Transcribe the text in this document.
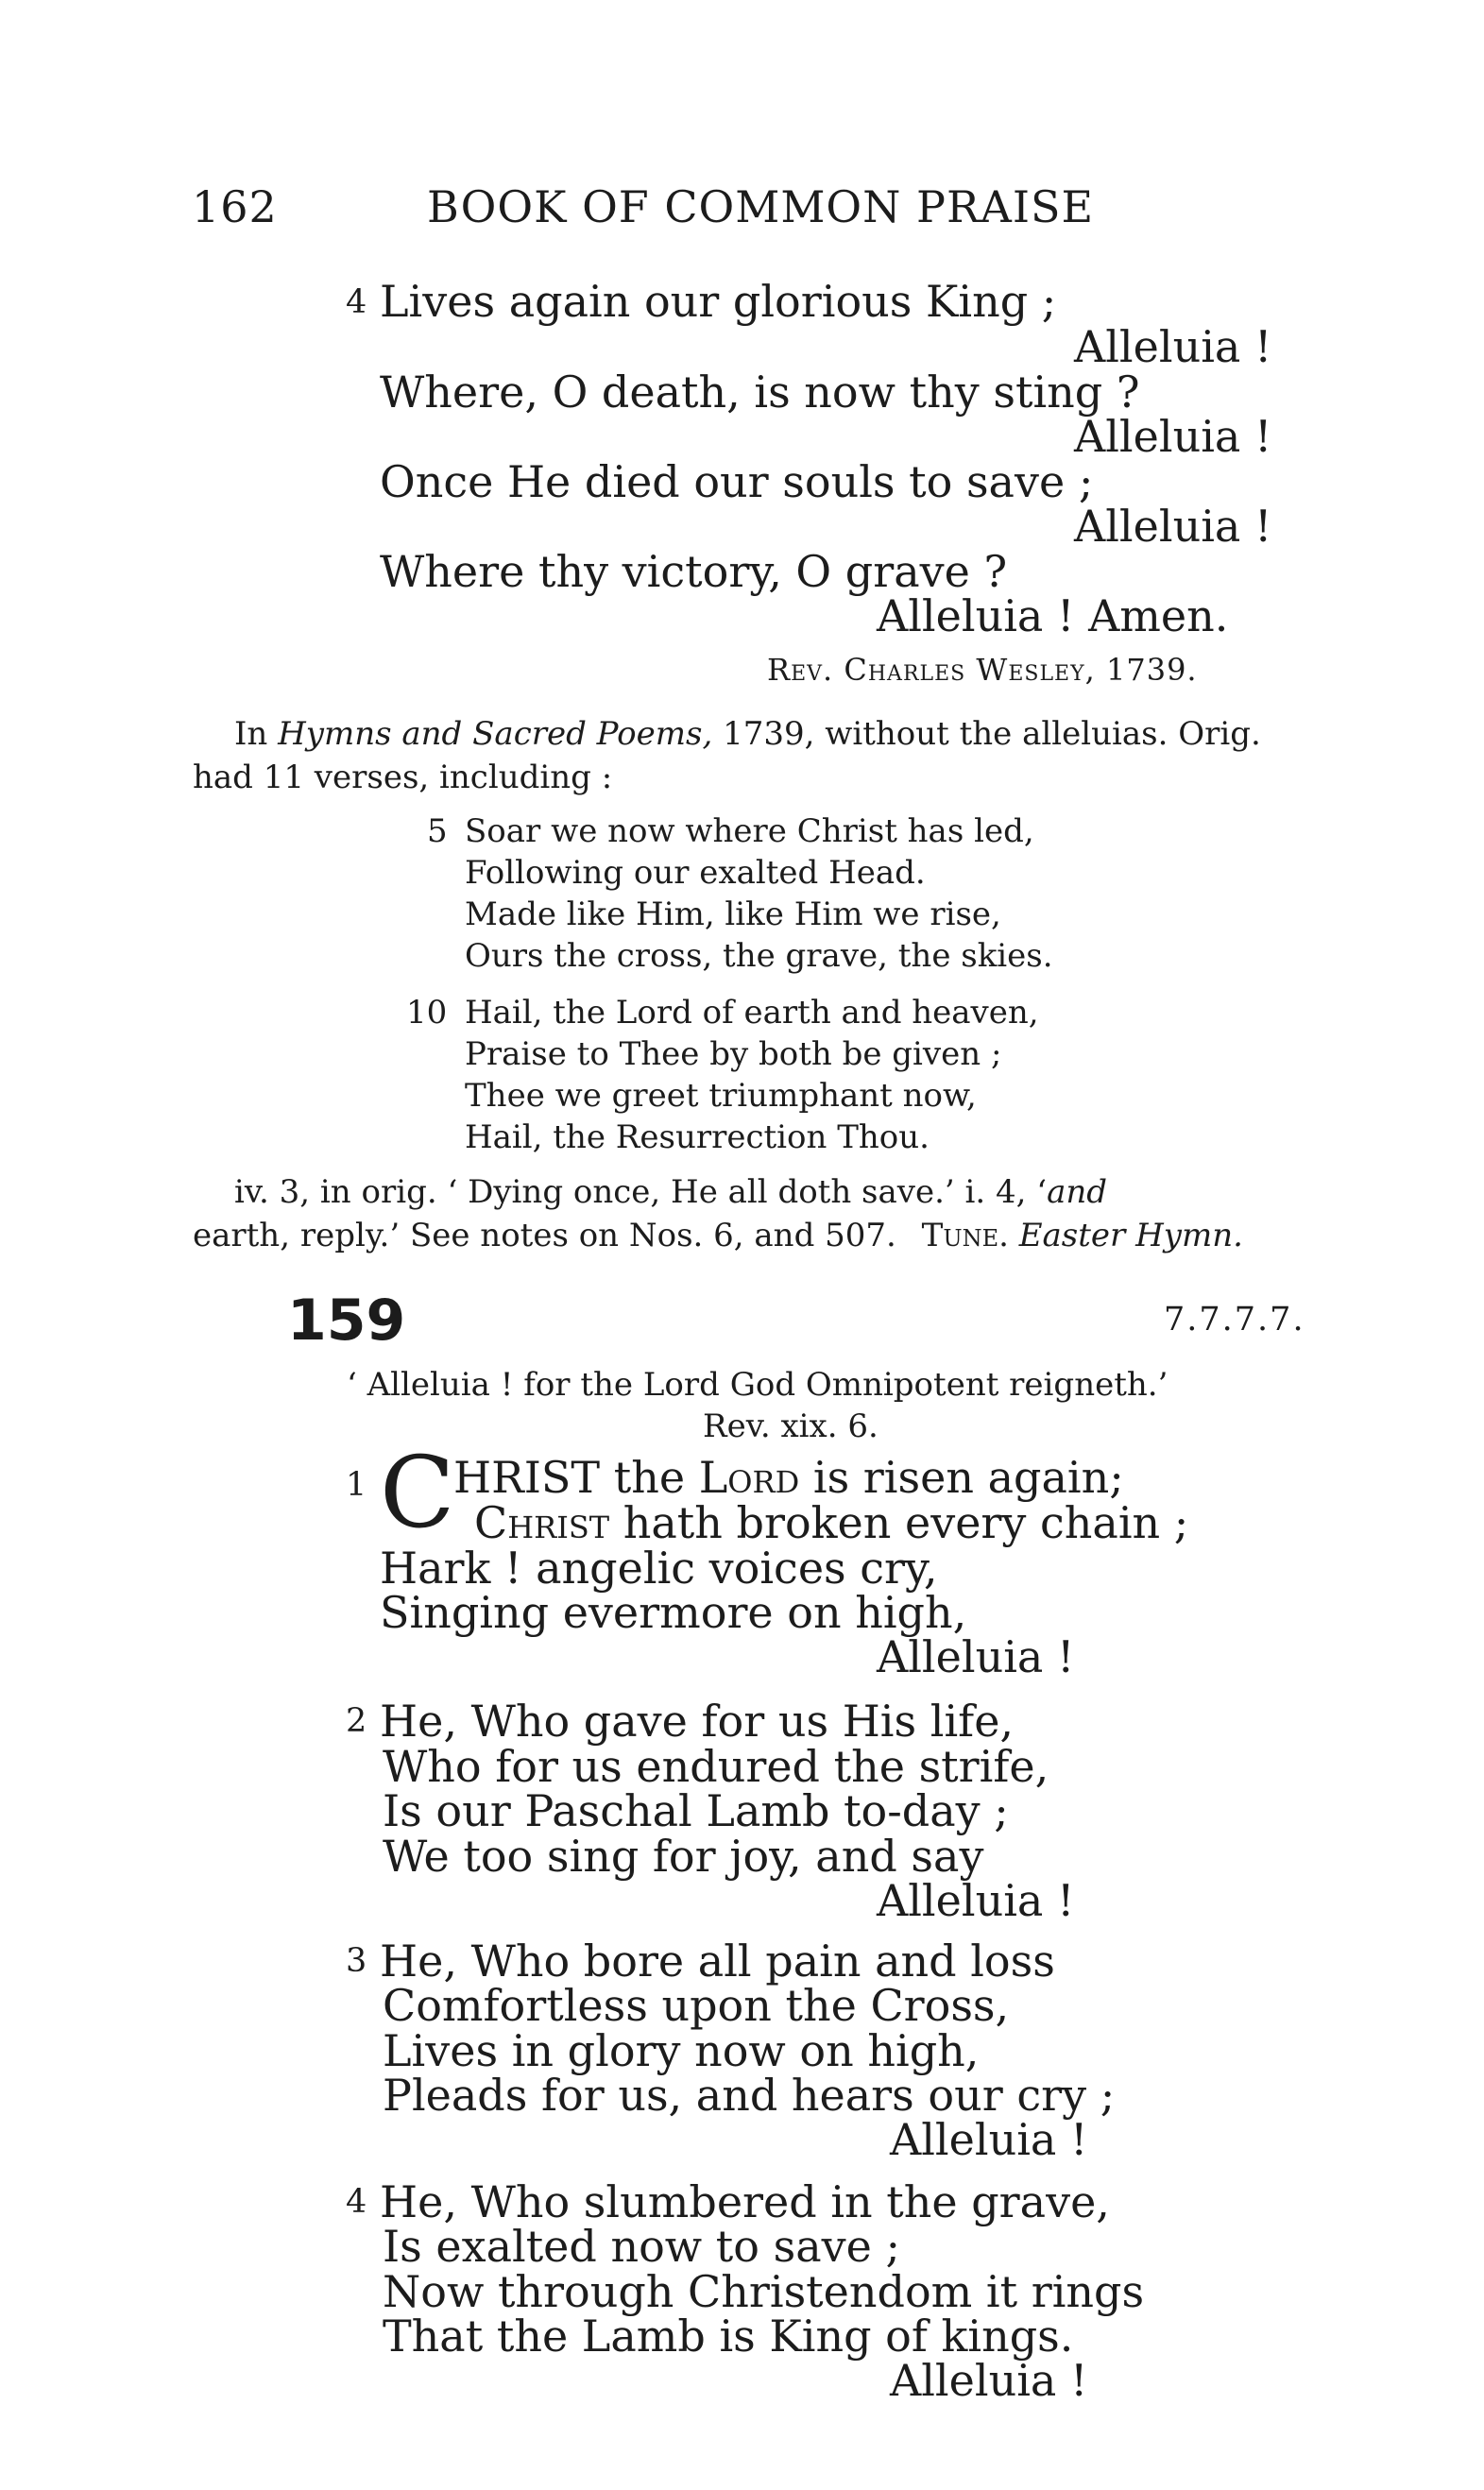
162	BOOK OF COMMON PRAISE
4 Lives again our glorious King ;
Alleluia !
Where, O death, is now thy sting ?
Alleluia !
Once He died our souls to save ;
Alleluia !
Where thy victory, O grave ?
Alleluia ! Amen.
Rev. Charles Wesley, 1739.
In Hymns and Sacred Poems, 1739, without the alleluias. Orig.
had 11 verses, including :
5 Soar we now where Christ has led,
Following our exalted Head.
Made like Him, like Him we rise,
Ours the cross, the grave, the skies.
10 Hail, the Lord of earth and heaven,
Praise to Thee by both be given ;
Thee we greet triumphant now,
Hail, the Resurrection Thou.
iv. 3, in orig. ‘ Dying once, He all doth save.’ i. 4, ‘and
earth, reply.’ See notes on Nos. 6, and 507. Tune. Easter Hymn.
159	7.7.7.7.
‘ Alleluia ! for the Lord God Omnipotent reigneth.’
Rev. xix. 6.
1 C
HRIST the Lord is risen again;
Christ hath broken every chain ;
Hark ! angelic voices cry,
Singing evermore on high,
Alleluia !
2 He, Who gave for us His life,
Who for us endured the strife,
Is our Paschal Lamb to-day ;
We too sing for joy, and say
Alleluia !
3 He, Who bore all pain and loss
Comfortless upon the Cross,
Lives in glory now on high,
Pleads for us, and hears our cry ;
Alleluia !
4 He, Who slumbered in the grave,
Is exalted now to save ;
Now through Christendom it rings
That the Lamb is King of kings.
Alleluia !
